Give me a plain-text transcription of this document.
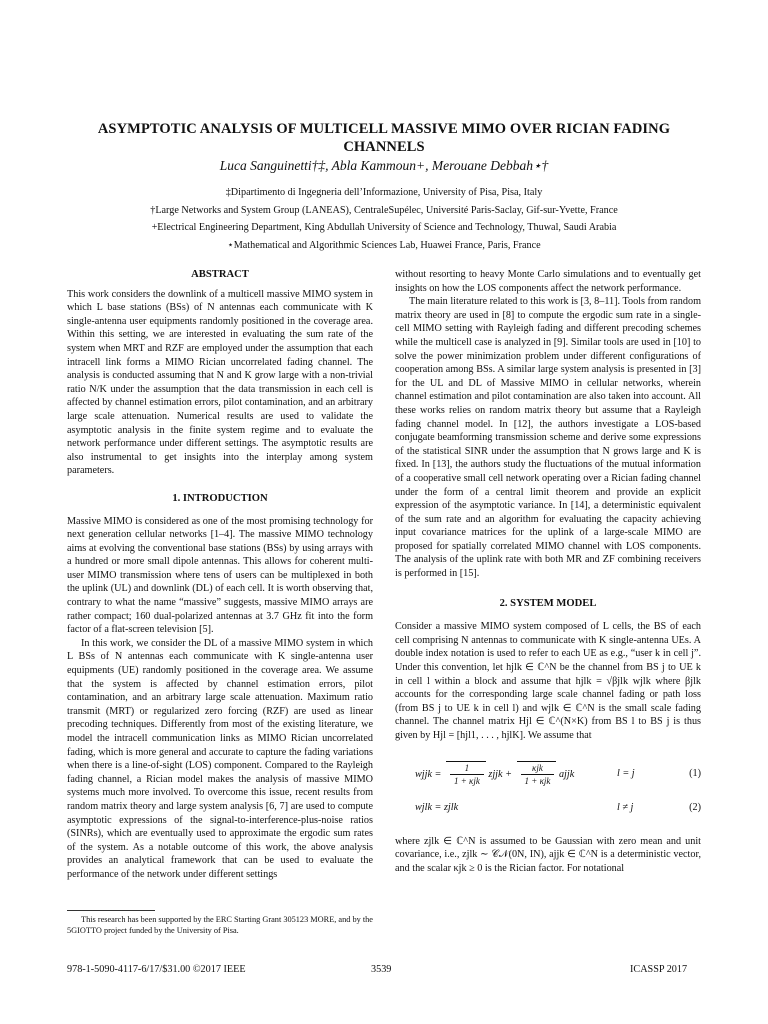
ASYMPTOTIC ANALYSIS OF MULTICELL MASSIVE MIMO OVER RICIAN FADING CHANNELS
Luca Sanguinetti†‡, Abla Kammoun+, Merouane Debbah⋆†
‡Dipartimento di Ingegneria dell’Informazione, University of Pisa, Pisa, Italy
†Large Networks and System Group (LANEAS), CentraleSupélec, Université Paris-Saclay, Gif-sur-Yvette, France
+Electrical Engineering Department, King Abdullah University of Science and Technology, Thuwal, Saudi Arabia
⋆Mathematical and Algorithmic Sciences Lab, Huawei France, Paris, France
ABSTRACT

This work considers the downlink of a multicell massive MIMO system in which L base stations (BSs) of N antennas each communicate with K single-antenna user equipments randomly positioned in the coverage area. Within this setting, we are interested in evaluating the sum rate of the system when MRT and RZF are employed under the assumption that each intracell link forms a MIMO Rician uncorrelated fading channel. The analysis is conducted assuming that N and K grow large with a non-trivial ratio N/K under the assumption that the data transmission in each cell is affected by channel estimation errors, pilot contamination, and an arbitrary large scale attenuation. Numerical results are used to validate the asymptotic analysis in the finite system regime and to evaluate the network performance under different settings. The asymptotic results are also instrumental to get insights into the interplay among system parameters.

1. INTRODUCTION

Massive MIMO is considered as one of the most promising technology for next generation cellular networks [1–4]. The massive MIMO technology aims at evolving the conventional base stations (BSs) by using arrays with a hundred or more small dipole antennas. This allows for coherent multi-user MIMO transmission where tens of users can be multiplexed in both the uplink (UL) and downlink (DL) of each cell. It is worth observing that, contrary to what the name “massive” suggests, massive MIMO arrays are rather compact; 160 dual-polarized antennas at 3.7 GHz fit into the form factor of a flat-screen television [5].

In this work, we consider the DL of a massive MIMO system in which L BSs of N antennas each communicate with K single-antenna user equipments (UE) randomly positioned in the coverage area. We assume that the system is affected by channel estimation errors, pilot contamination, and an arbitrary large scale attenuation. Maximum ratio transmit (MRT) or regularized zero forcing (RZF) are used as linear precoding techniques. Differently from most of the existing literature, we model the intracell communication links as MIMO Rician uncorrelated fading, which is more general and accurate to capture the fading variations when there is a line-of-sight (LOS) component. Compared to the Rayleigh fading channel, a Rician model makes the analysis of massive MIMO systems much more involved. To overcome this issue, recent results from random matrix theory and large system analysis [6, 7] are used to compute asymptotic expressions of the signal-to-interference-plus-noise ratios (SINRs), which are eventually used to approximate the ergodic sum rates of the system. As a notable outcome of this work, the above analysis provides an analytical framework that can be used to evaluate the performance of the network under different settings

without resorting to heavy Monte Carlo simulations and to eventually get insights on how the LOS components affect the network performance.

The main literature related to this work is [3, 8–11]. Tools from random matrix theory are used in [8] to compute the ergodic sum rate in a single-cell MIMO setting with Rayleigh fading and different precoding schemes while the multicell case is analyzed in [9]. Similar tools are used in [10] to solve the power minimization problem under different configurations of cooperation among BSs. A similar large system analysis is presented in [3] for the UL and DL of Massive MIMO in cellular networks, wherein channel estimation and pilot contamination are also taken into account. All these works relies on random matrix theory but assume that a Rayleigh fading channel model. In [12], the authors investigate a LOS-based conjugate beamforming transmission scheme and derive some expressions of the statistical SINR under the assumption that N grows large and K is fixed. In [13], the authors study the fluctuations of the mutual information of a cooperative small cell network operating over a Rician fading channel under the form of a central limit theorem and provide an explicit expression of the asymptotic variance. In [14], a deterministic equivalent of the sum rate and an algorithm for evaluating the capacity achieving input covariance matrices for the uplink of a large-scale MIMO are proposed for spatially correlated MIMO channel with LOS components. The analysis of the uplink rate with both MR and ZF combining receivers is performed in [15].

2. SYSTEM MODEL

Consider a massive MIMO system composed of L cells, the BS of each cell comprising N antennas to communicate with K single-antenna UEs. A double index notation is used to refer to each UE as e.g., “user k in cell j”. Under this convention, let hjlk ∈ ℂ^N be the channel from BS j to UE k in cell l within a block and assume that hjlk = √βjlk wjlk where βjlk accounts for the corresponding large scale channel fading or path loss (from BS j to UE k in cell l) and wjlk ∈ ℂ^N is the small scale fading channel. The channel matrix Hjl ∈ ℂ^(N×K) from BS l to BS j is thus given by Hjl = [hjl1, . . . , hjlK]. We assume that

wjjk = $\frac{1}{\text{1 + κjk}}$ zjjk + $\frac{\text{κjk}}{\text{1 + κjk}}$ ajjk	l = j	(1)
wjlk = zjlk	l ≠ j	(2)

where zjlk ∈ ℂ^N is assumed to be Gaussian with zero mean and unit covariance, i.e., zjlk ∼ 𝒞𝒩(0N, IN), ajjk ∈ ℂ^N is a deterministic vector, and the scalar κjk ≥ 0 is the Rician factor. For notational

This research has been supported by the ERC Starting Grant 305123 MORE, and by the 5GIOTTO project funded by the University of Pisa.
978-1-5090-4117-6/17/$31.00 ©2017 IEEE	3539	ICASSP 2017
